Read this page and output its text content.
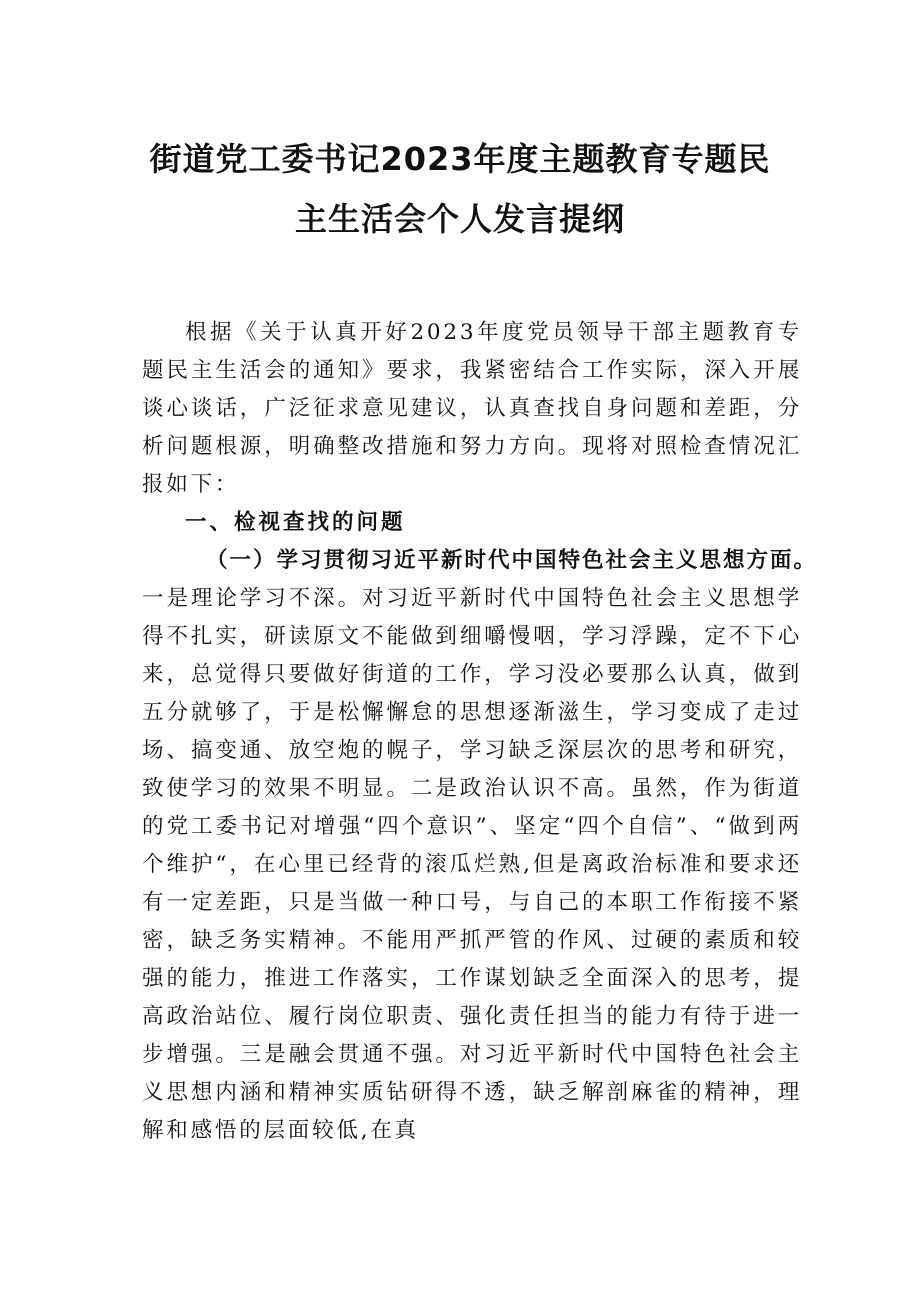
街道党工委书记2023年度主题教育专题民
主生活会个人发言提纲

根据《关于认真开好2023年度党员领导干部主题教育专题民主生活会的通知》要求，我紧密结合工作实际，深入开展谈心谈话，广泛征求意见建议，认真查找自身问题和差距，分析问题根源，明确整改措施和努力方向。现将对照检查情况汇报如下：

一、检视查找的问题

（一）学习贯彻习近平新时代中国特色社会主义思想方面。

一是理论学习不深。对习近平新时代中国特色社会主义思想学得不扎实，研读原文不能做到细嚼慢咽，学习浮躁，定不下心来，总觉得只要做好街道的工作，学习没必要那么认真，做到五分就够了，于是松懈懈怠的思想逐渐滋生，学习变成了走过场、搞变通、放空炮的幌子，学习缺乏深层次的思考和研究，致使学习的效果不明显。二是政治认识不高。虽然，作为街道的党工委书记对增强“四个意识”、坚定“四个自信”、“做到两个维护“，在心里已经背的滚瓜烂熟,但是离政治标准和要求还有一定差距，只是当做一种口号，与自己的本职工作衔接不紧密，缺乏务实精神。不能用严抓严管的作风、过硬的素质和较强的能力，推进工作落实，工作谋划缺乏全面深入的思考，提高政治站位、履行岗位职责、强化责任担当的能力有待于进一步增强。三是融会贯通不强。对习近平新时代中国特色社会主义思想内涵和精神实质钻研得不透，缺乏解剖麻雀的精神，理解和感悟的层面较低,在真
